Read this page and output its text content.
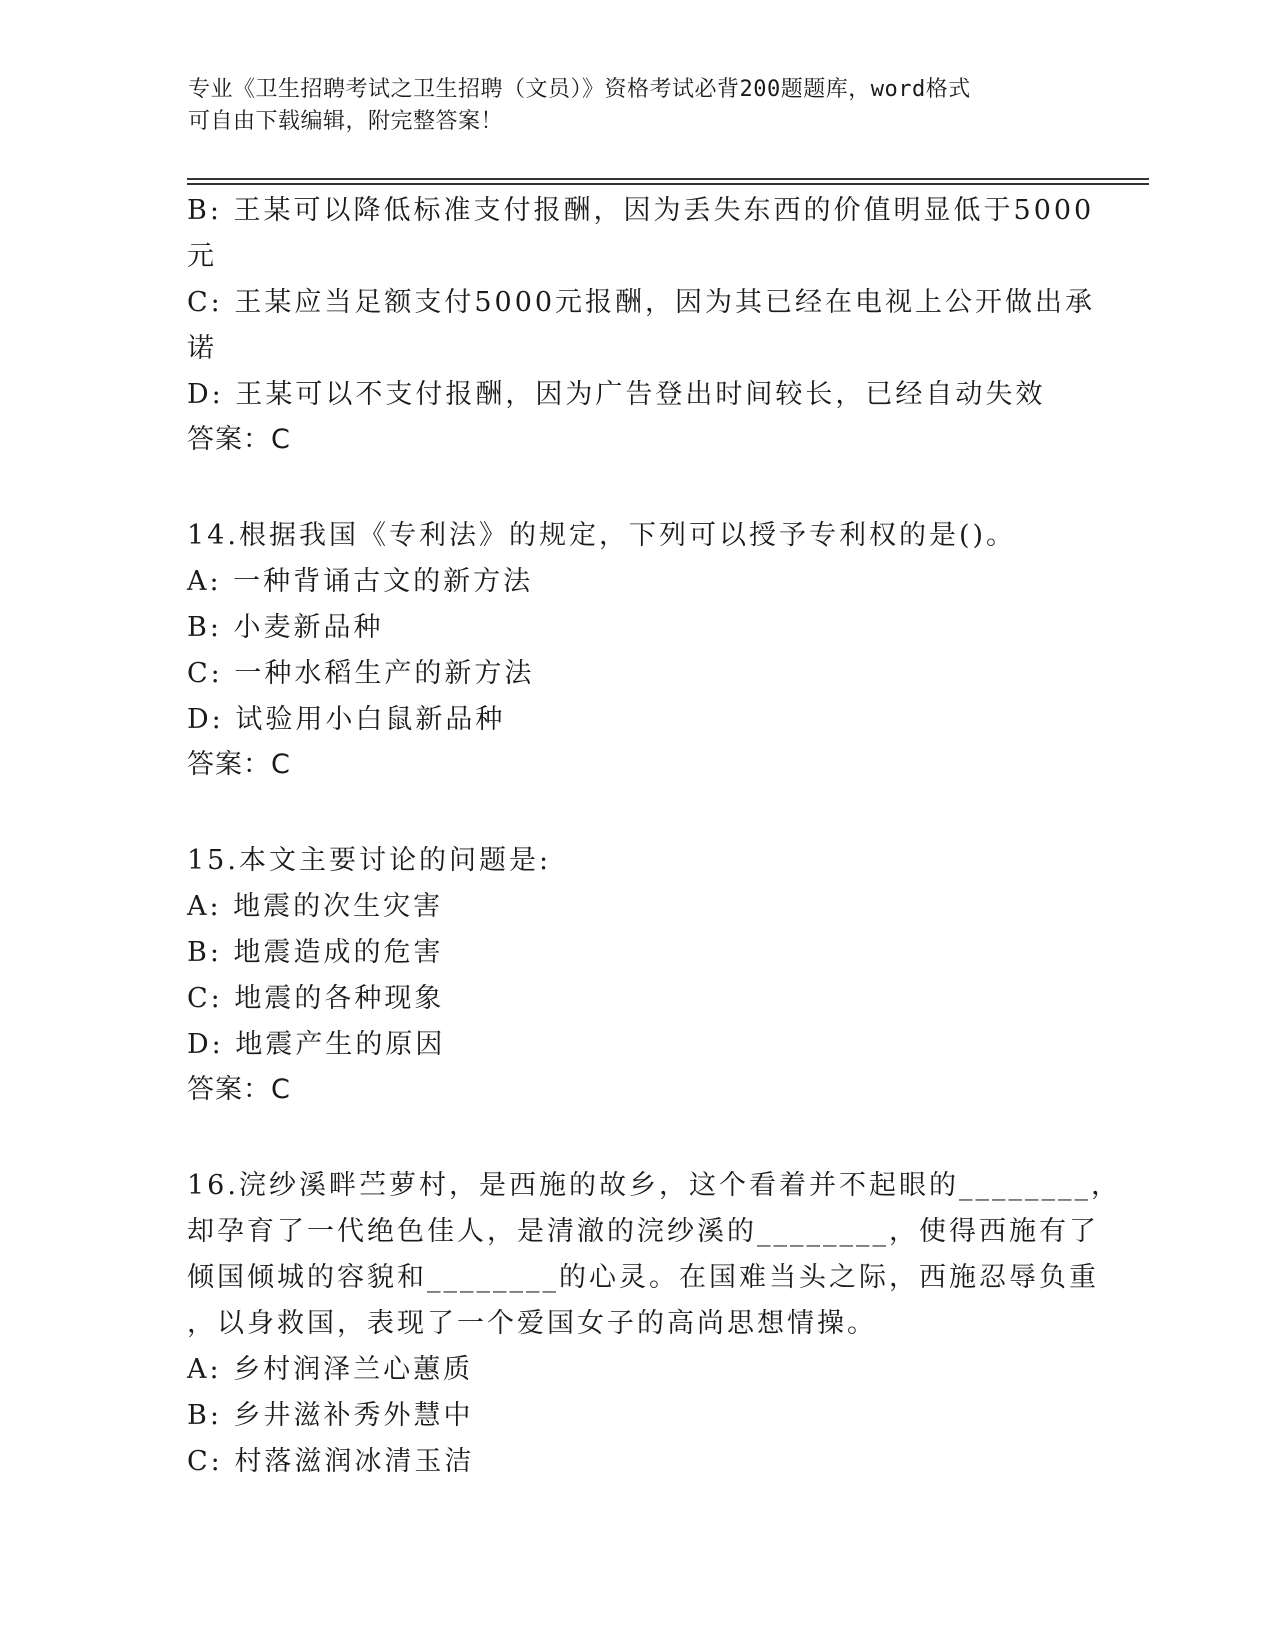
专业《卫生招聘考试之卫生招聘（文员）》资格考试必背200题题库，word格式
可自由下载编辑，附完整答案！
B: 王某可以降低标准支付报酬，因为丢失东西的价值明显低于5000
元
C: 王某应当足额支付5000元报酬，因为其已经在电视上公开做出承
诺
D: 王某可以不支付报酬，因为广告登出时间较长，已经自动失效
答案：C
14.根据我国《专利法》的规定，下列可以授予专利权的是()。
A: 一种背诵古文的新方法
B: 小麦新品种
C: 一种水稻生产的新方法
D: 试验用小白鼠新品种
答案：C
15.本文主要讨论的问题是:
A: 地震的次生灾害
B: 地震造成的危害
C: 地震的各种现象
D: 地震产生的原因
答案：C
16.浣纱溪畔苎萝村，是西施的故乡，这个看着并不起眼的________，
却孕育了一代绝色佳人，是清澈的浣纱溪的________，使得西施有了
倾国倾城的容貌和________的心灵。在国难当头之际，西施忍辱负重
，以身救国，表现了一个爱国女子的高尚思想情操。
A: 乡村润泽兰心蕙质
B: 乡井滋补秀外慧中
C: 村落滋润冰清玉洁
